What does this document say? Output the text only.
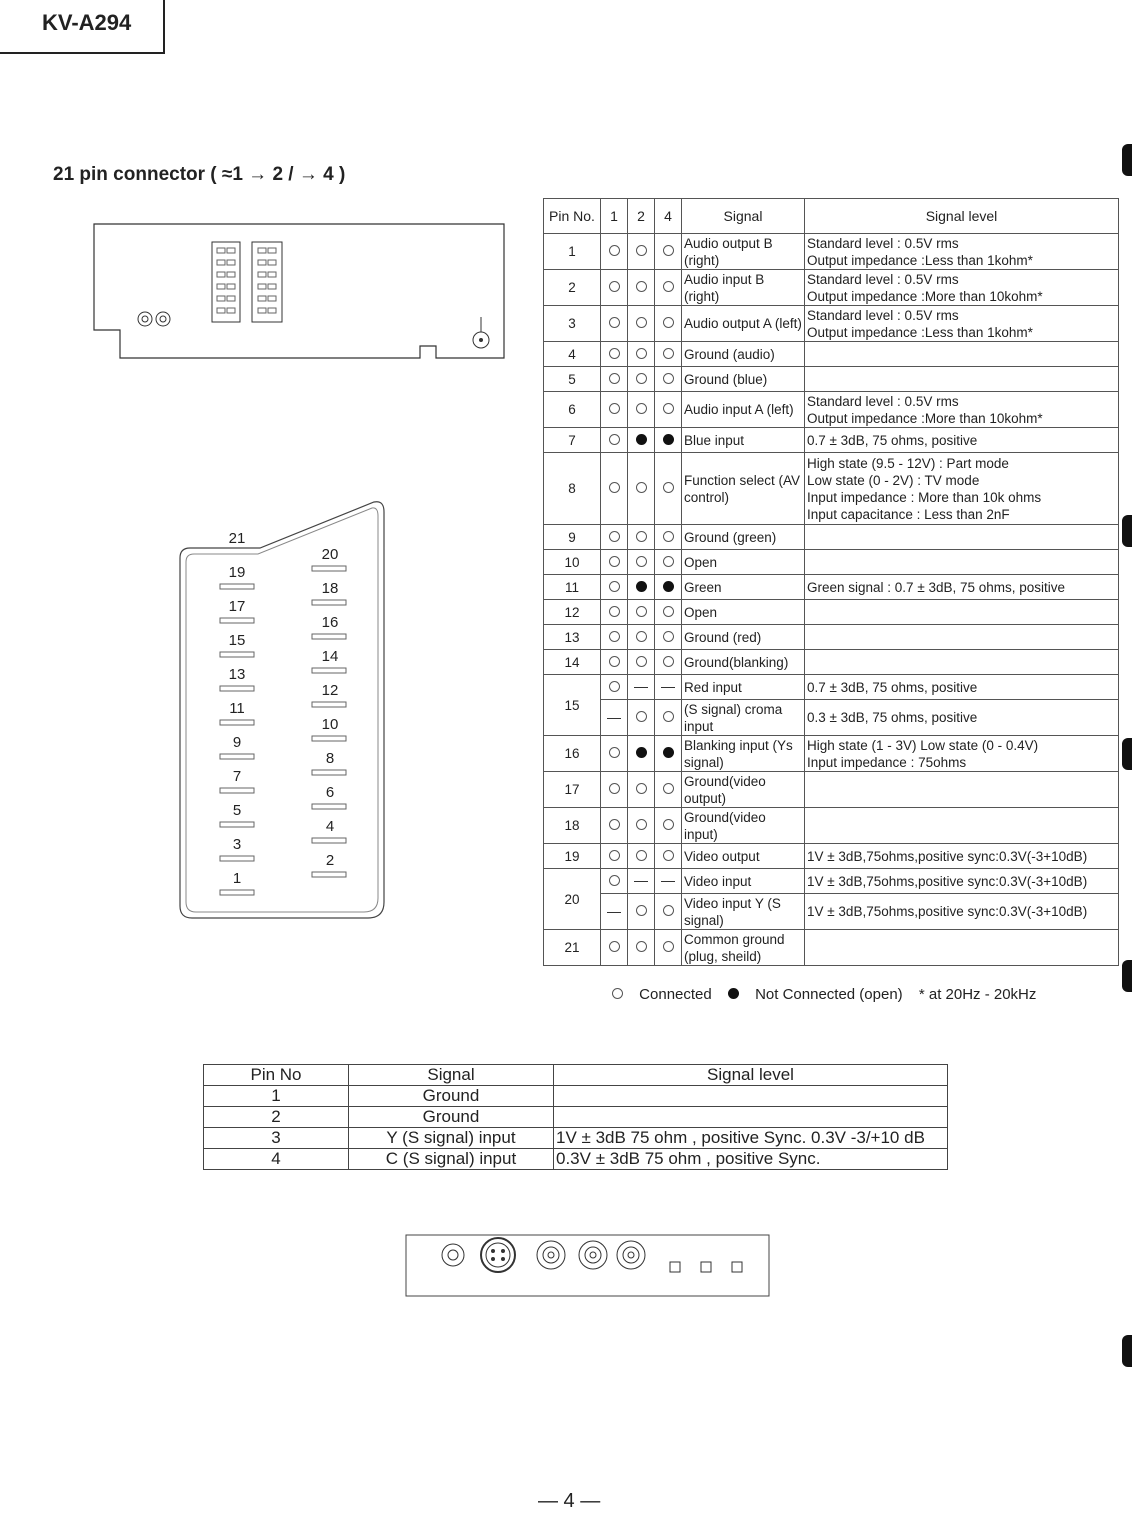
KV-A294
21 pin connector ( ≈1 → 2 / → 4 )
21
19
17
15
13
11
9
7
5
3
1
20
18
16
14
12
10
8
6
4
2
Pin No.	1	2	4	Signal	Signal level
1				Audio output B (right)	Standard level : 0.5V rms
Output impedance :Less than 1kohm*

2				Audio input B (right)	Standard level : 0.5V rms
Output impedance :More than 10kohm*

3				Audio output A (left)	Standard level : 0.5V rms
Output impedance :Less than 1kohm*

4				Ground (audio)	
5				Ground (blue)	
6				Audio input A (left)	Standard level : 0.5V rms
Output impedance :More than 10kohm*

7				Blue input	0.7 ± 3dB, 75 ohms, positive

8				Function select (AV control)	High state (9.5 - 12V) : Part mode
Low state (0 - 2V) : TV mode
Input impedance : More than 10k ohms
Input capacitance : Less than 2nF

9				Ground (green)	
10				Open	
11				Green	Green signal : 0.7 ± 3dB, 75 ohms, positive

12				Open	
13				Ground (red)	
14				Ground(blanking)	
15				Red input	0.7 ± 3dB, 75 ohms, positive

				(S signal) croma input	0.3 ± 3dB, 75 ohms, positive

16				Blanking input (Ys signal)	High state (1 - 3V) Low state (0 - 0.4V)
Input impedance : 75ohms

17				Ground(video output)	
18				Ground(video input)	
19				Video output	1V ± 3dB,75ohms,positive sync:0.3V(-3+10dB)

20				Video input	1V ± 3dB,75ohms,positive sync:0.3V(-3+10dB)

				Video input Y (S signal)	1V ± 3dB,75ohms,positive sync:0.3V(-3+10dB)

21				Common ground (plug, sheild)	
Connected	Not Connected (open) * at 20Hz - 20kHz
Pin No	Signal	Signal level
1	Ground	
2	Ground	
3	Y (S signal) input	1V ± 3dB 75 ohm , positive Sync. 0.3V -3/+10 dB
4	C (S signal) input	0.3V ± 3dB 75 ohm , positive Sync.
— 4 —
